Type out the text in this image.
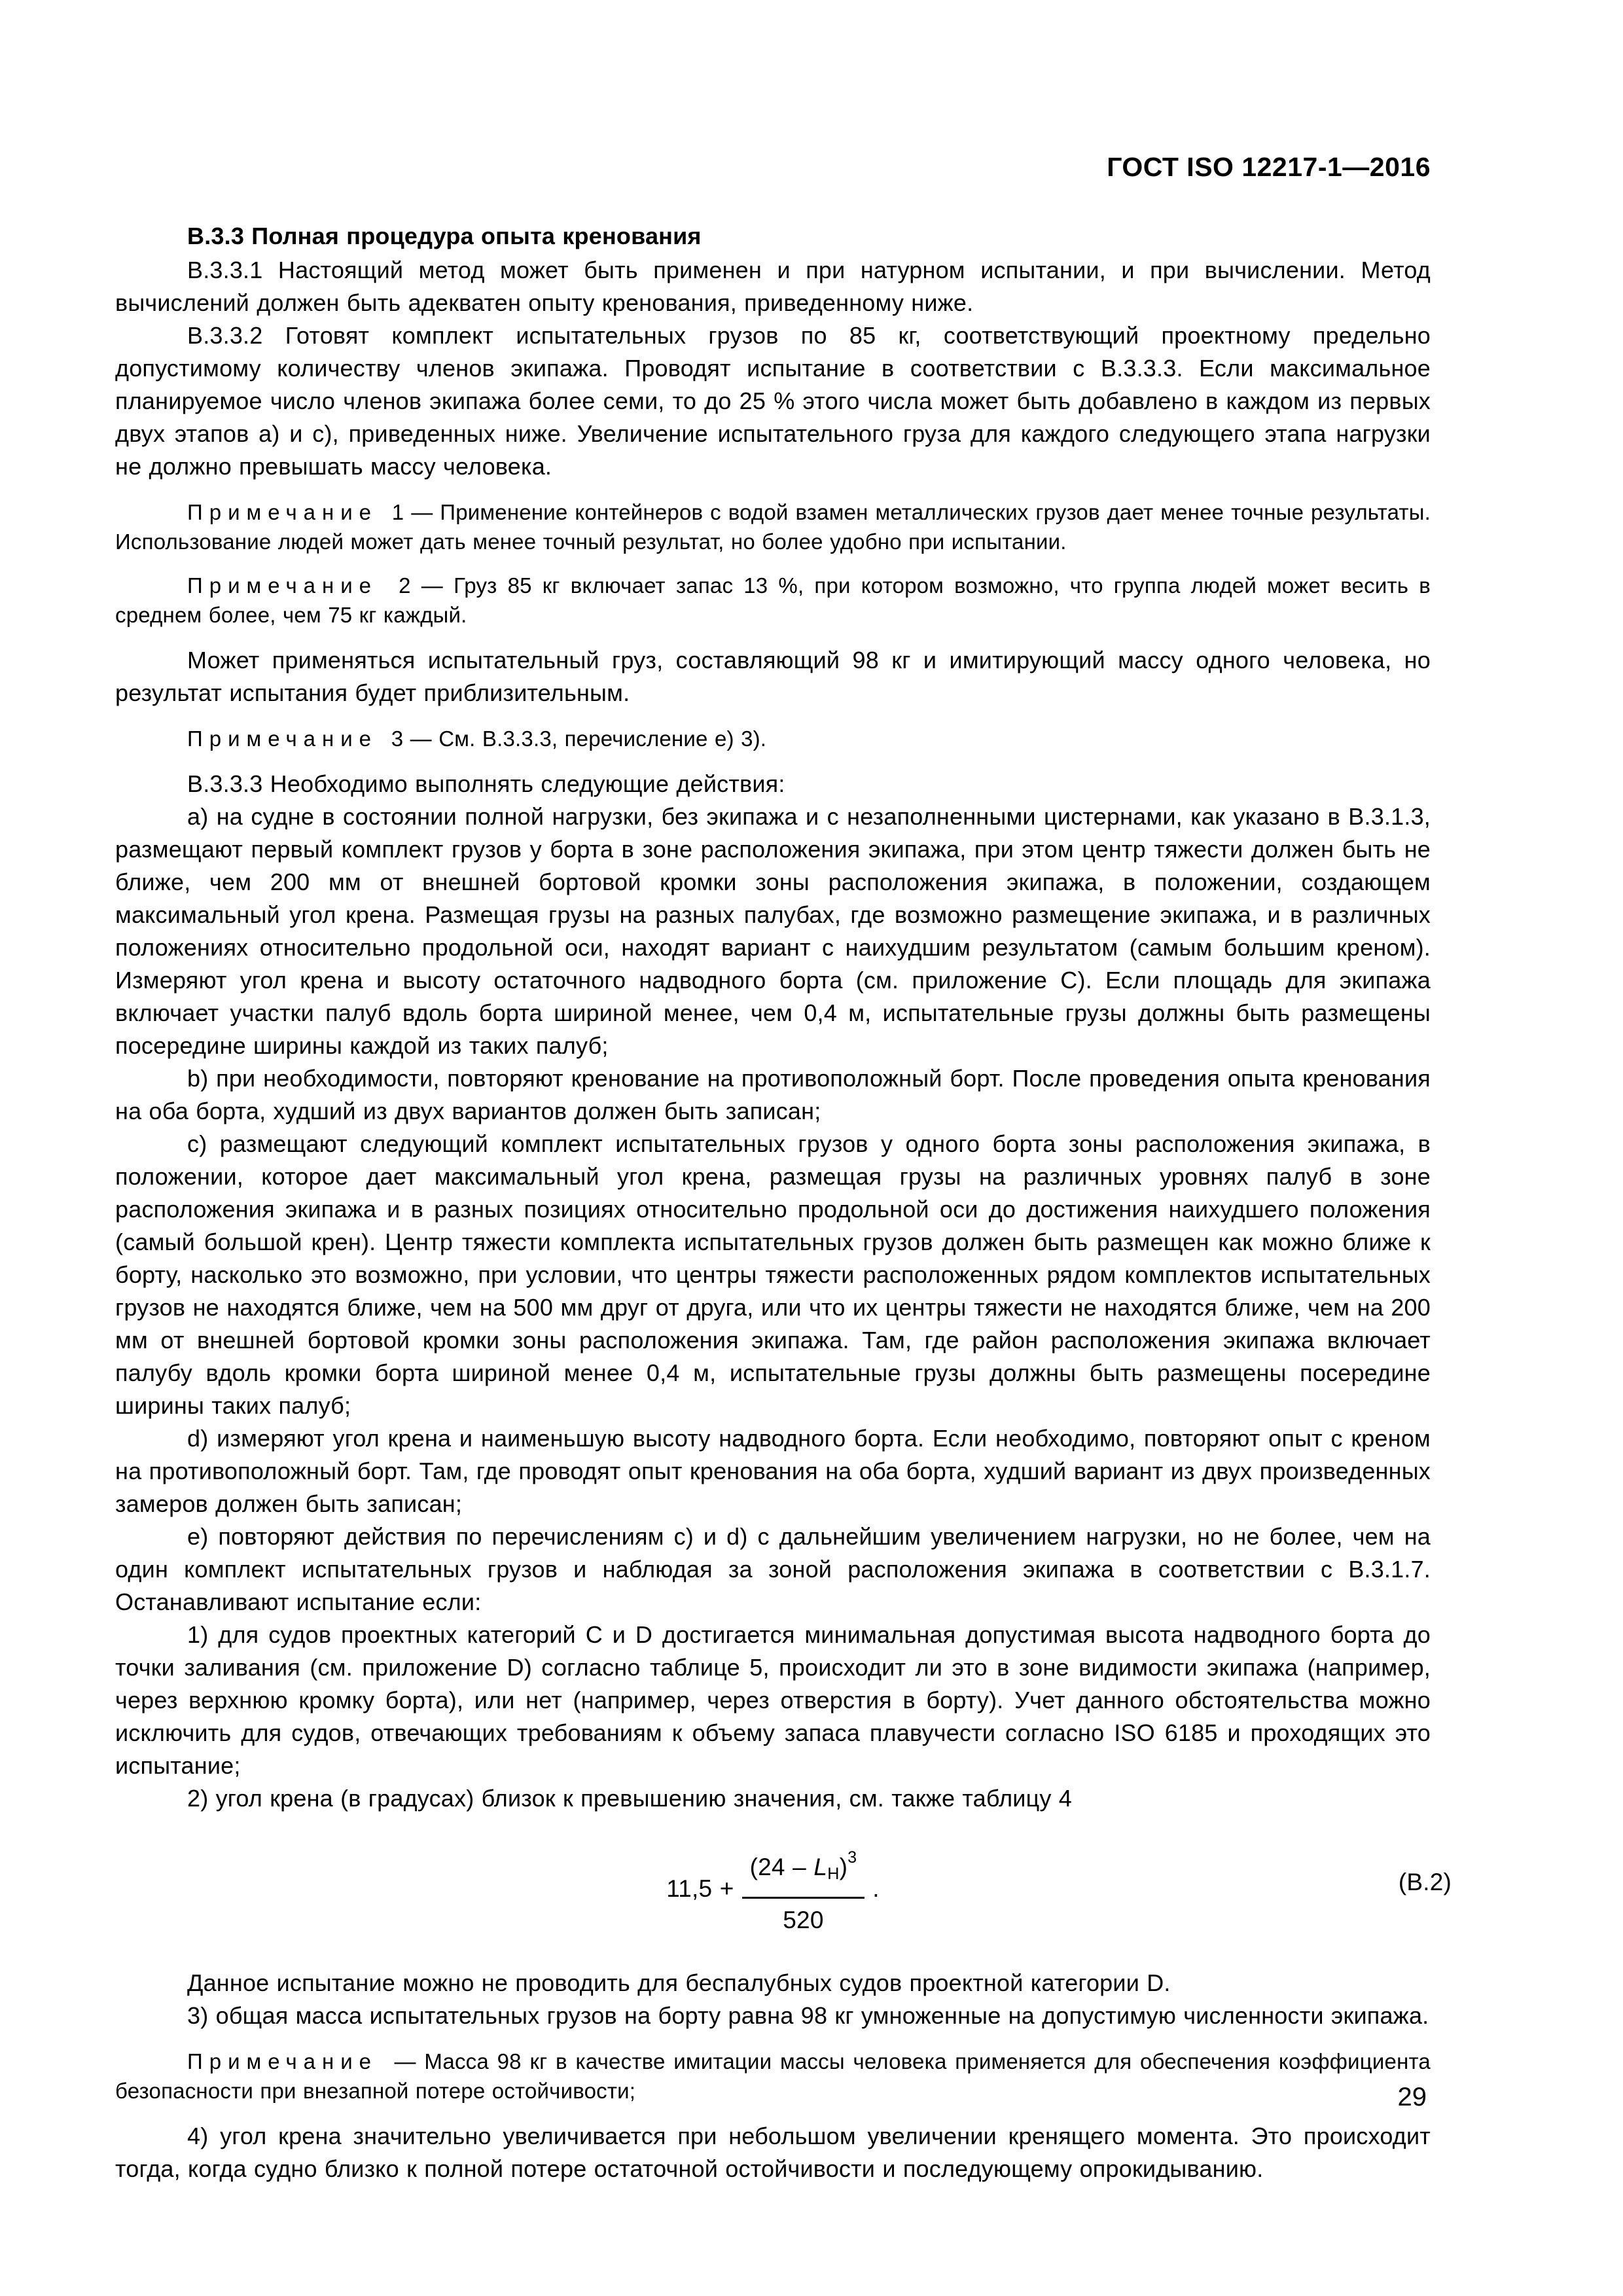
ГОСТ ISO 12217-1—2016

В.3.3 Полная процедура опыта кренования

В.3.3.1 Настоящий метод может быть применен и при натурном испытании, и при вычислении. Метод вычислений должен быть адекватен опыту кренования, приведенному ниже.

В.3.3.2 Готовят комплект испытательных грузов по 85 кг, соответствующий проектному предельно допустимому количеству членов экипажа. Проводят испытание в соответствии с В.3.3.3. Если максимальное планируемое число членов экипажа более семи, то до 25 % этого числа может быть добавлено в каждом из первых двух этапов а) и с), приведенных ниже. Увеличение испытательного груза для каждого следующего этапа нагрузки не должно превышать массу человека.

Примечание  1 — Применение контейнеров с водой взамен металлических грузов дает менее точные результаты. Использование людей может дать менее точный результат, но более удобно при испытании.

Примечание  2 — Груз 85 кг включает запас 13 %, при котором возможно, что группа людей может весить в среднем более, чем 75 кг каждый.

Может применяться испытательный груз, составляющий 98 кг и имитирующий массу одного человека, но результат испытания будет приблизительным.

Примечание  3 — См. В.3.3.3, перечисление е) 3).

В.3.3.3 Необходимо выполнять следующие действия:

а) на судне в состоянии полной нагрузки, без экипажа и с незаполненными цистернами, как указано в В.3.1.3, размещают первый комплект грузов у борта в зоне расположения экипажа, при этом центр тяжести должен быть не ближе, чем 200 мм от внешней бортовой кромки зоны расположения экипажа, в положении, создающем максимальный угол крена. Размещая грузы на разных палубах, где возможно размещение экипажа, и в различных положениях относительно продольной оси, находят вариант с наихудшим результатом (самым большим креном). Измеряют угол крена и высоту остаточного надводного борта (см. приложение С). Если площадь для экипажа включает участки палуб вдоль борта шириной менее, чем 0,4 м, испытательные грузы должны быть размещены посередине ширины каждой из таких палуб;

b) при необходимости, повторяют кренование на противоположный борт. После проведения опыта кренования на оба борта, худший из двух вариантов должен быть записан;

с) размещают следующий комплект испытательных грузов у одного борта зоны расположения экипажа, в положении, которое дает максимальный угол крена, размещая грузы на различных уровнях палуб в зоне расположения экипажа и в разных позициях относительно продольной оси до достижения наихудшего положения (самый большой крен). Центр тяжести комплекта испытательных грузов должен быть размещен как можно ближе к борту, насколько это возможно, при условии, что центры тяжести расположенных рядом комплектов испытательных грузов не находятся ближе, чем на 500 мм друг от друга, или что их центры тяжести не находятся ближе, чем на 200 мм от внешней бортовой кромки зоны расположения экипажа. Там, где район расположения экипажа включает палубу вдоль кромки борта шириной менее 0,4 м, испытательные грузы должны быть размещены посередине ширины таких палуб;

d) измеряют угол крена и наименьшую высоту надводного борта. Если необходимо, повторяют опыт с креном на противоположный борт. Там, где проводят опыт кренования на оба борта, худший вариант из двух произведенных замеров должен быть записан;

е) повторяют действия по перечислениям с) и d) с дальнейшим увеличением нагрузки, но не более, чем на один комплект испытательных грузов и наблюдая за зоной расположения экипажа в соответствии с В.3.1.7. Останавливают испытание если:

1) для судов проектных категорий С и D достигается минимальная допустимая высота надводного борта до точки заливания (см. приложение D) согласно таблице 5, происходит ли это в зоне видимости экипажа (например, через верхнюю кромку борта), или нет (например, через отверстия в борту). Учет данного обстоятельства можно исключить для судов, отвечающих требованиям к объему запаса плавучести согласно ISO 6185 и проходящих это испытание;

2) угол крена (в градусах) близок к превышению значения, см. также таблицу 4

$11,5 + \frac{(24 - LH)^3}{520}$ .	(В.2)

Данное испытание можно не проводить для беспалубных судов проектной категории D.

3) общая масса испытательных грузов на борту равна 98 кг умноженные на допустимую численности экипажа.

Примечание  — Масса 98 кг в качестве имитации массы человека применяется для обеспечения коэффициента безопасности при внезапной потере остойчивости;

4) угол крена значительно увеличивается при небольшом увеличении кренящего момента. Это происходит тогда, когда судно близко к полной потере остаточной остойчивости и последующему опрокидыванию.

29
